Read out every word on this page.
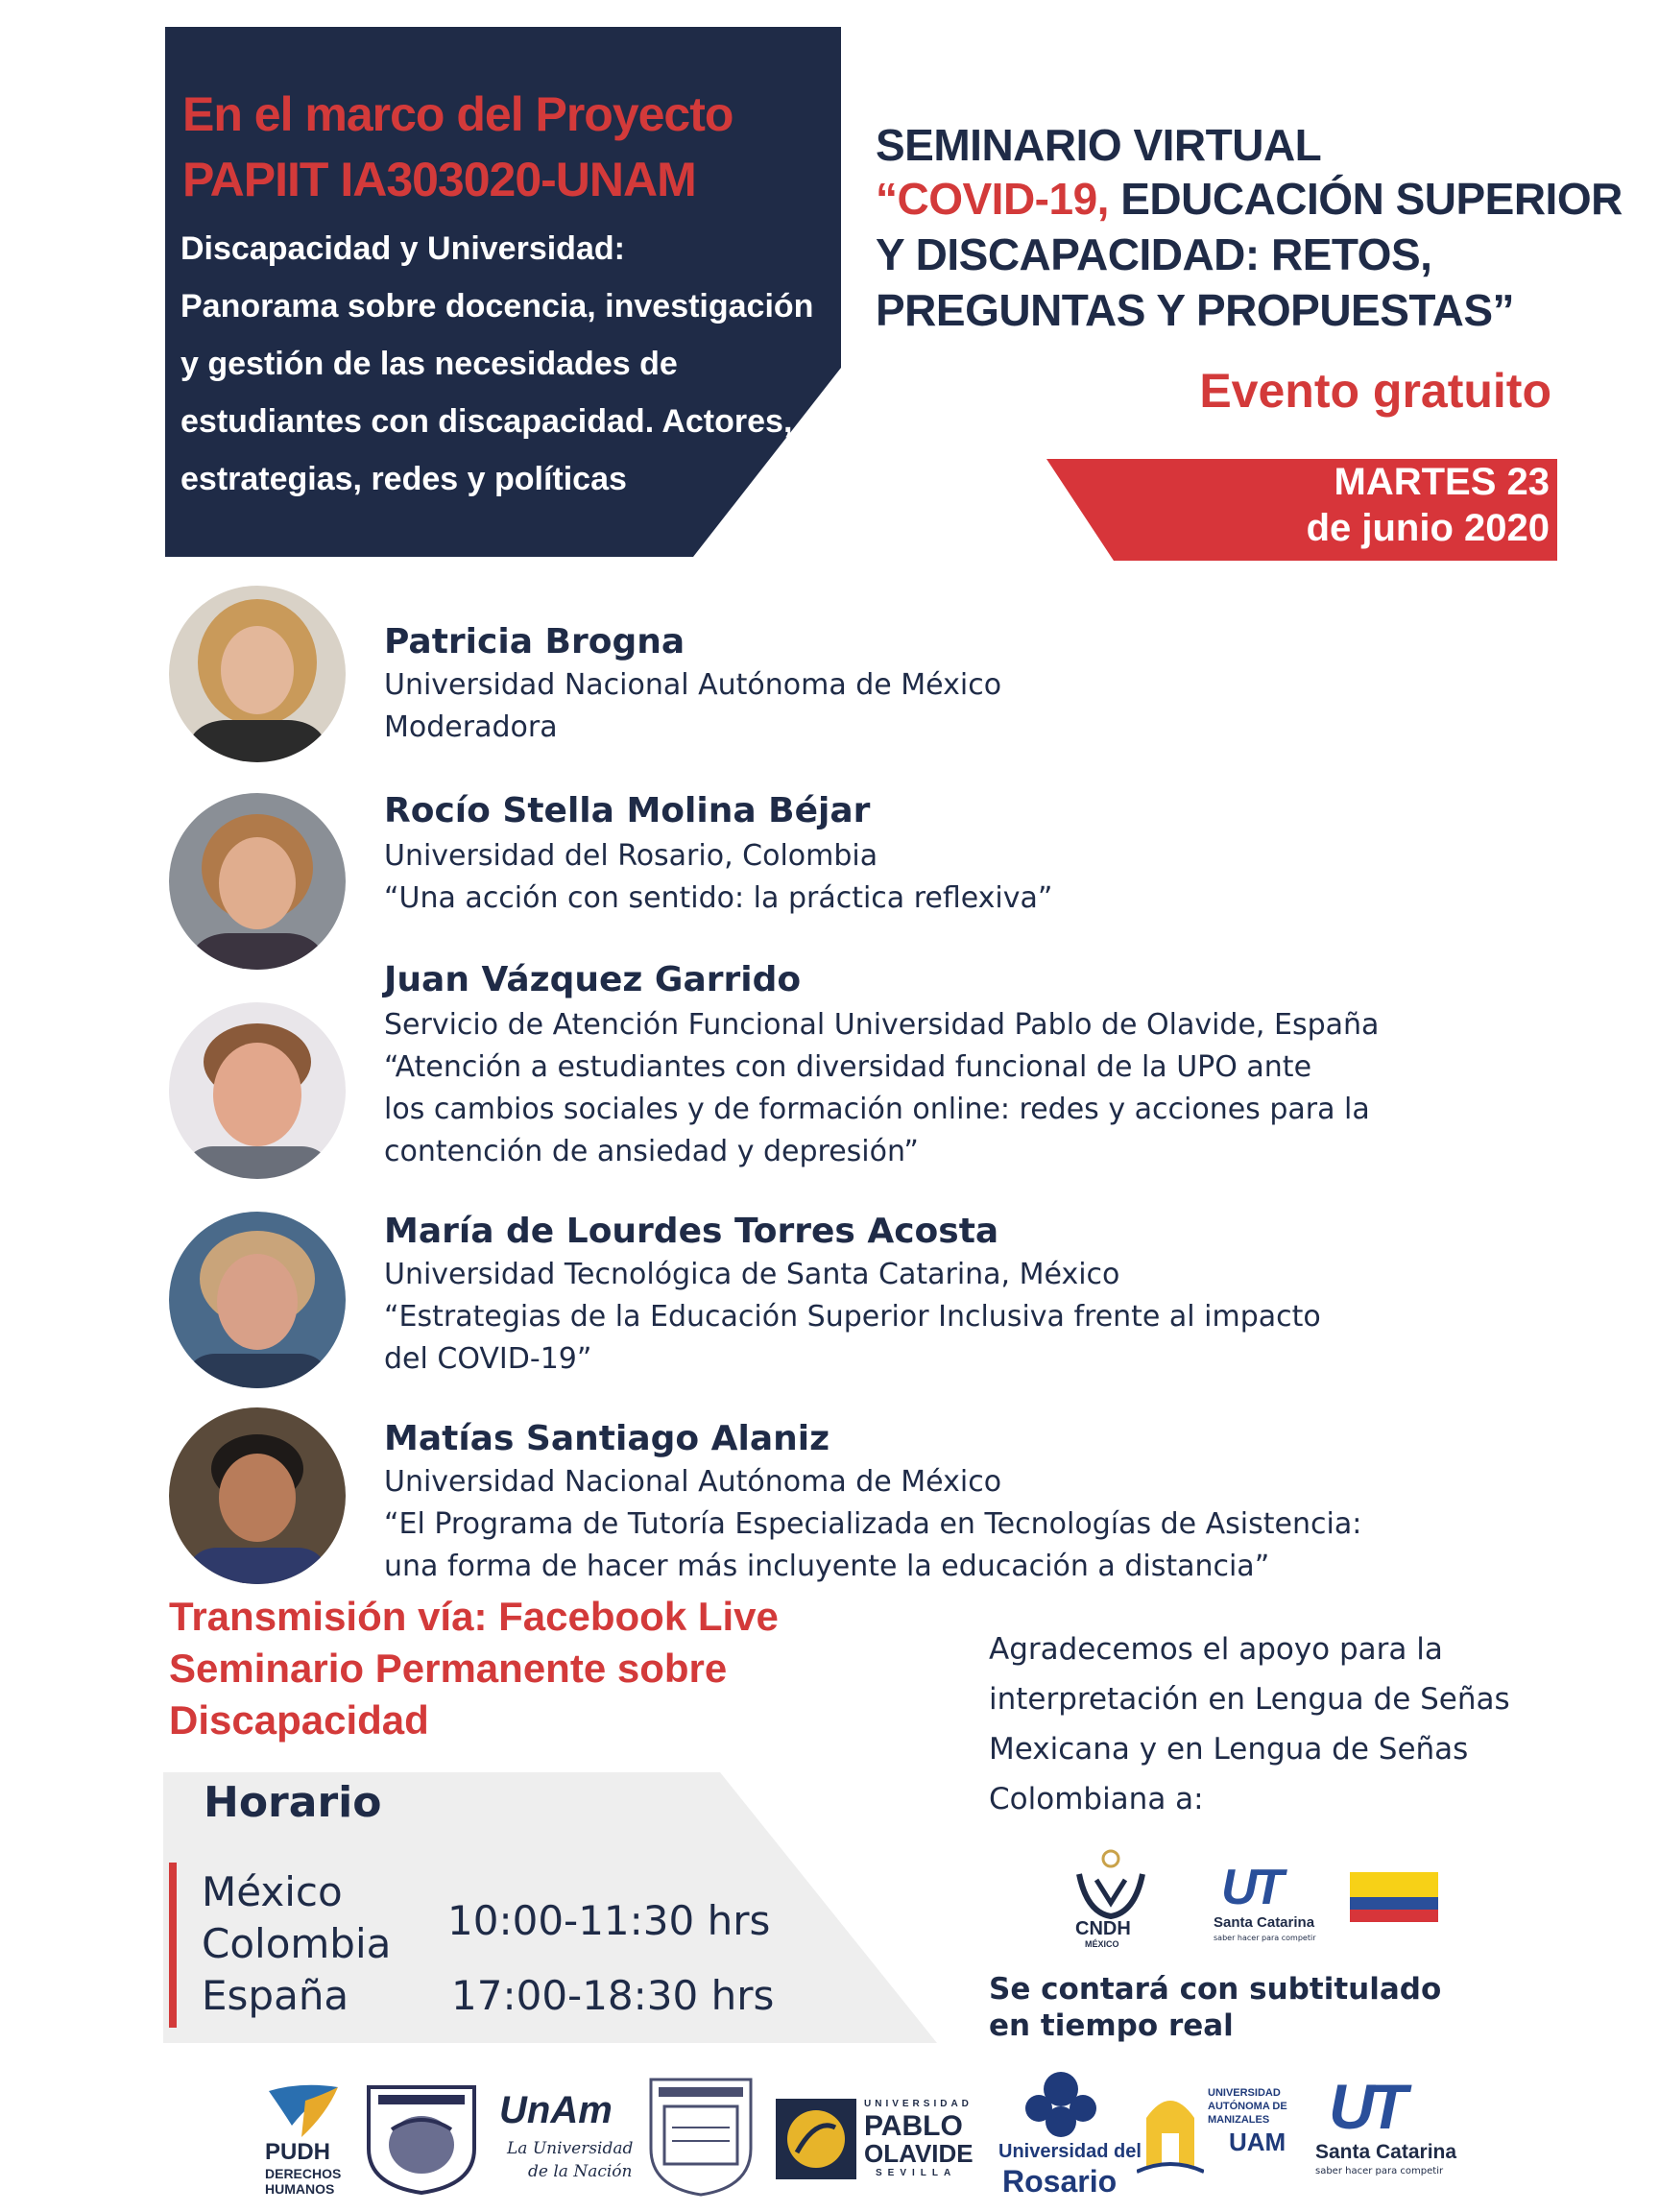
En el marco del Proyecto
PAPIIT IA303020-UNAM
Discapacidad y Universidad:
Panorama sobre docencia, investigación
y gestión de las necesidades de
estudiantes con discapacidad. Actores,
estrategias, redes y políticas
SEMINARIO VIRTUAL
“COVID-19, EDUCACIÓN SUPERIOR
Y DISCAPACIDAD: RETOS,
PREGUNTAS Y PROPUESTAS”
Evento gratuito
MARTES 23
de junio 2020
Patricia Brogna
Universidad Nacional Autónoma de México
Moderadora
Rocío Stella Molina Béjar
Universidad del Rosario, Colombia
“Una acción con sentido: la práctica reflexiva”
Juan Vázquez Garrido
Servicio de Atención Funcional Universidad Pablo de Olavide, España
“Atención a estudiantes con diversidad funcional de la UPO ante
los cambios sociales y de formación online: redes y acciones para la
contención de ansiedad y depresión”
María de Lourdes Torres Acosta
Universidad Tecnológica de Santa Catarina, México
“Estrategias de la Educación Superior Inclusiva frente al impacto
del COVID-19”
Matías Santiago Alaniz
Universidad Nacional Autónoma de México
“El Programa de Tutoría Especializada en Tecnologías de Asistencia:
una forma de hacer más incluyente la educación a distancia”
Transmisión vía: Facebook Live
Seminario Permanente sobre
Discapacidad
Horario
México
Colombia
España
10:00-11:30 hrs
17:00-18:30 hrs
Agradecemos el apoyo para la
interpretación en Lengua de Señas
Mexicana y en Lengua de Señas
Colombiana a:
CNDH
MÉXICO
UT
Santa Catarina
saber hacer para competir
Se contará con subtitulado
en tiempo real
PUDH
DERECHOS
HUMANOS
UnAm
La Universidad
de la Nación
UNIVERSIDAD
PABLO
OLAVIDE
SEVILLA
Universidad del
Rosario
UNIVERSIDAD
AUTÓNOMA DE
MANIZALES
UAM UT
Santa Catarina
saber hacer para competir
